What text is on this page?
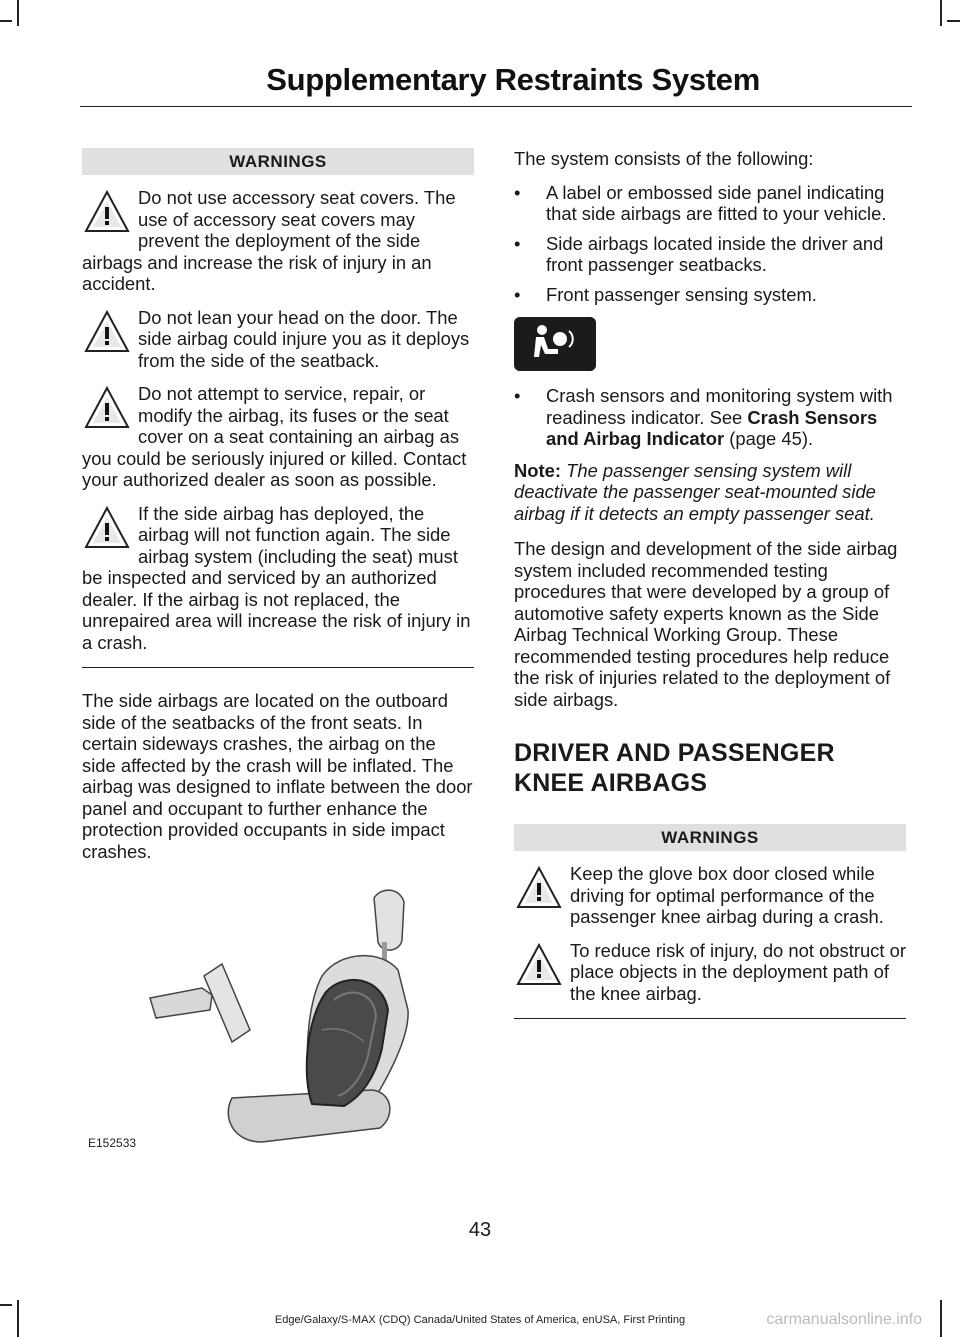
Supplementary Restraints System
WARNINGS

Do not use accessory seat covers. The use of accessory seat covers may prevent the deployment of the side airbags and increase the risk of injury in an accident.

Do not lean your head on the door. The side airbag could injure you as it deploys from the side of the seatback.

Do not attempt to service, repair, or modify the airbag, its fuses or the seat cover on a seat containing an airbag as you could be seriously injured or killed. Contact your authorized dealer as soon as possible.

If the side airbag has deployed, the airbag will not function again. The side airbag system (including the seat) must be inspected and serviced by an authorized dealer. If the airbag is not replaced, the unrepaired area will increase the risk of injury in a crash.

The side airbags are located on the outboard side of the seatbacks of the front seats. In certain sideways crashes, the airbag on the side affected by the crash will be inflated. The airbag was designed to inflate between the door panel and occupant to further enhance the protection provided occupants in side impact crashes.

E152533

The system consists of the following:

• A label or embossed side panel indicating that side airbags are fitted to your vehicle.
• Side airbags located inside the driver and front passenger seatbacks.
• Front passenger sensing system.
• Crash sensors and monitoring system with readiness indicator. See Crash Sensors and Airbag Indicator (page 45).

Note: The passenger sensing system will deactivate the passenger seat-mounted side airbag if it detects an empty passenger seat.

The design and development of the side airbag system included recommended testing procedures that were developed by a group of automotive safety experts known as the Side Airbag Technical Working Group. These recommended testing procedures help reduce the risk of injuries related to the deployment of side airbags.

DRIVER AND PASSENGER
KNEE AIRBAGS
WARNINGS

Keep the glove box door closed while driving for optimal performance of the passenger knee airbag during a crash.

To reduce risk of injury, do not obstruct or place objects in the deployment path of the knee airbag.

43
Edge/Galaxy/S-MAX (CDQ) Canada/United States of America, enUSA, First Printing	carmanualsonline.info
